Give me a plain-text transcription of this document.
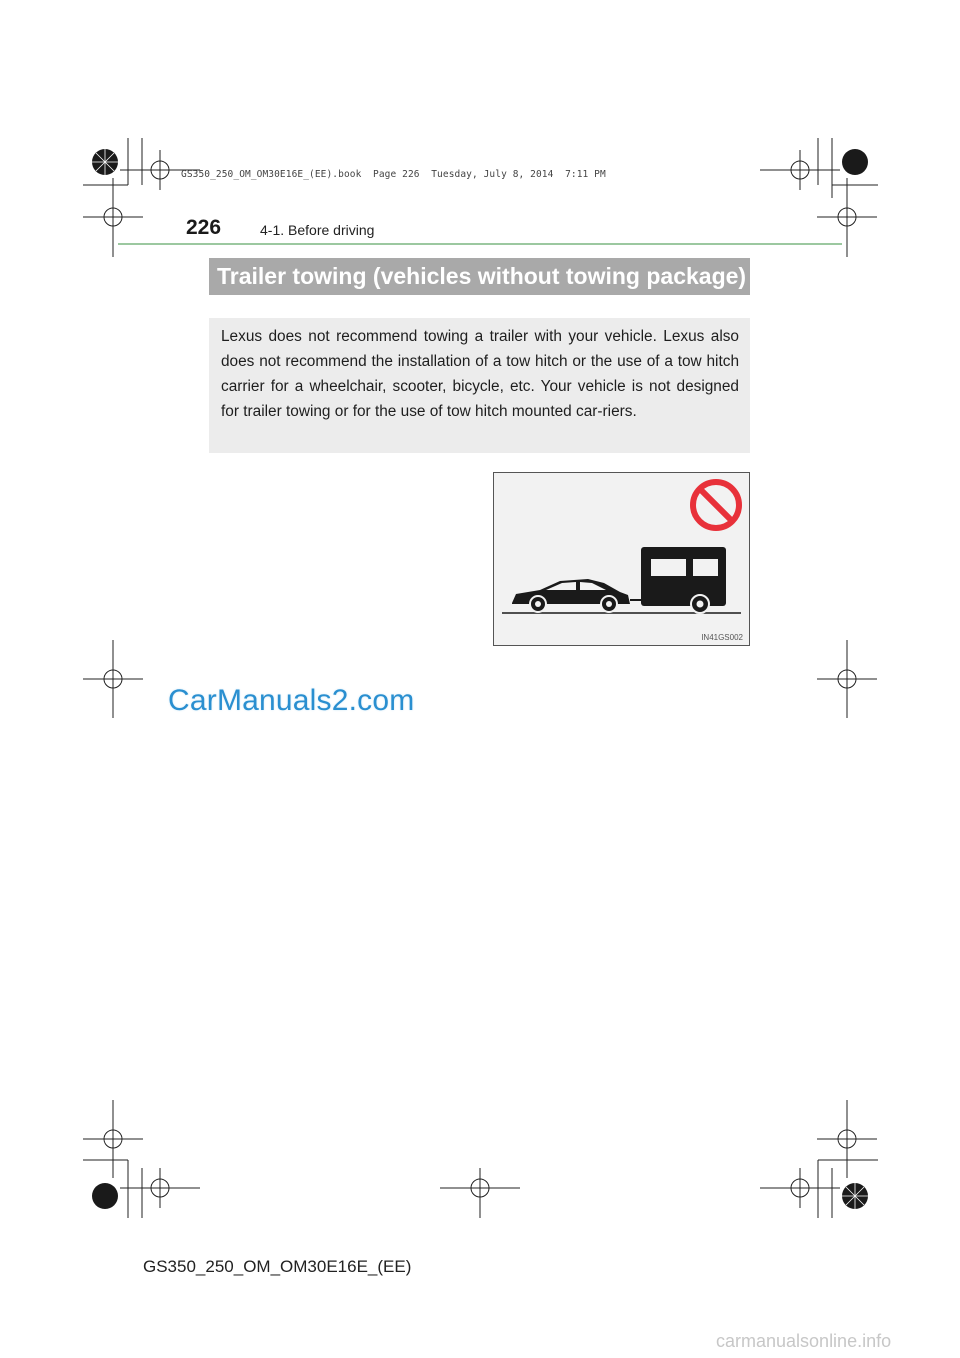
GS350_250_OM_OM30E16E_(EE).book  Page 226  Tuesday, July 8, 2014  7:11 PM
226	4-1. Before driving
Trailer towing (vehicles without towing package)
Lexus does not recommend towing a trailer with your vehicle. Lexus also does not recommend the installation of a tow hitch or the use of a tow hitch carrier for a wheelchair, scooter, bicycle, etc. Your vehicle is not designed for trailer towing or for the use of tow hitch mounted car-riers.
IN41GS002
CarManuals2.com
GS350_250_OM_OM30E16E_(EE)
carmanualsonline.info
